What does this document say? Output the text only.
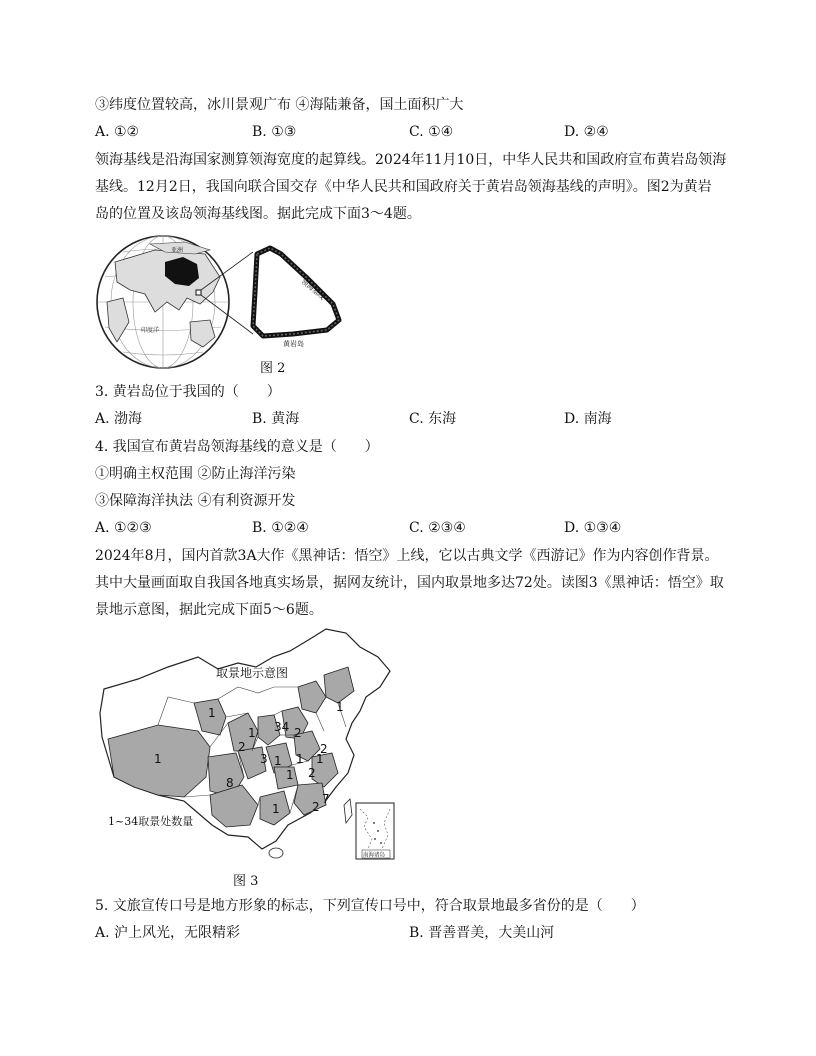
③纬度位置较高，冰川景观广布 ④海陆兼备，国土面积广大
A. ①②	B. ①③	C. ①④	D. ②④
领海基线是沿海国家测算领海宽度的起算线。2024年11月10日，中华人民共和国政府宣布黄岩岛领海
基线。12月2日，我国向联合国交存《中华人民共和国政府关于黄岩岛领海基线的声明》。图2为黄岩
岛的位置及该岛领海基线图。据此完成下面3～4题。
亚洲
印度洋
领海基线
黄岩岛
图 2
3. 黄岩岛位于我国的（　　）
A. 渤海	B. 黄海	C. 东海	D. 南海
4. 我国宣布黄岩岛领海基线的意义是（　　）
①明确主权范围 ②防止海洋污染
③保障海洋执法 ④有利资源开发
A. ①②③	B. ①②④	C. ②③④	D. ①③④
2024年8月，国内首款3A大作《黑神话：悟空》上线，它以古典文学《西游记》作为内容创作背景。
其中大量画面取自我国各地真实场景，据网友统计，国内取景地多达72处。读图3《黑神话：悟空》取
景地示意图，据此完成下面5～6题。
1
1
2
1
3
34 2
1
8
1 1
2
7
2
1
2
1
1
取景地示意图
1~34取景处数量
南海诸岛
图 3
5. 文旅宣传口号是地方形象的标志，下列宣传口号中，符合取景地最多省份的是（　　）
A. 沪上风光，无限精彩	B. 晋善晋美，大美山河
